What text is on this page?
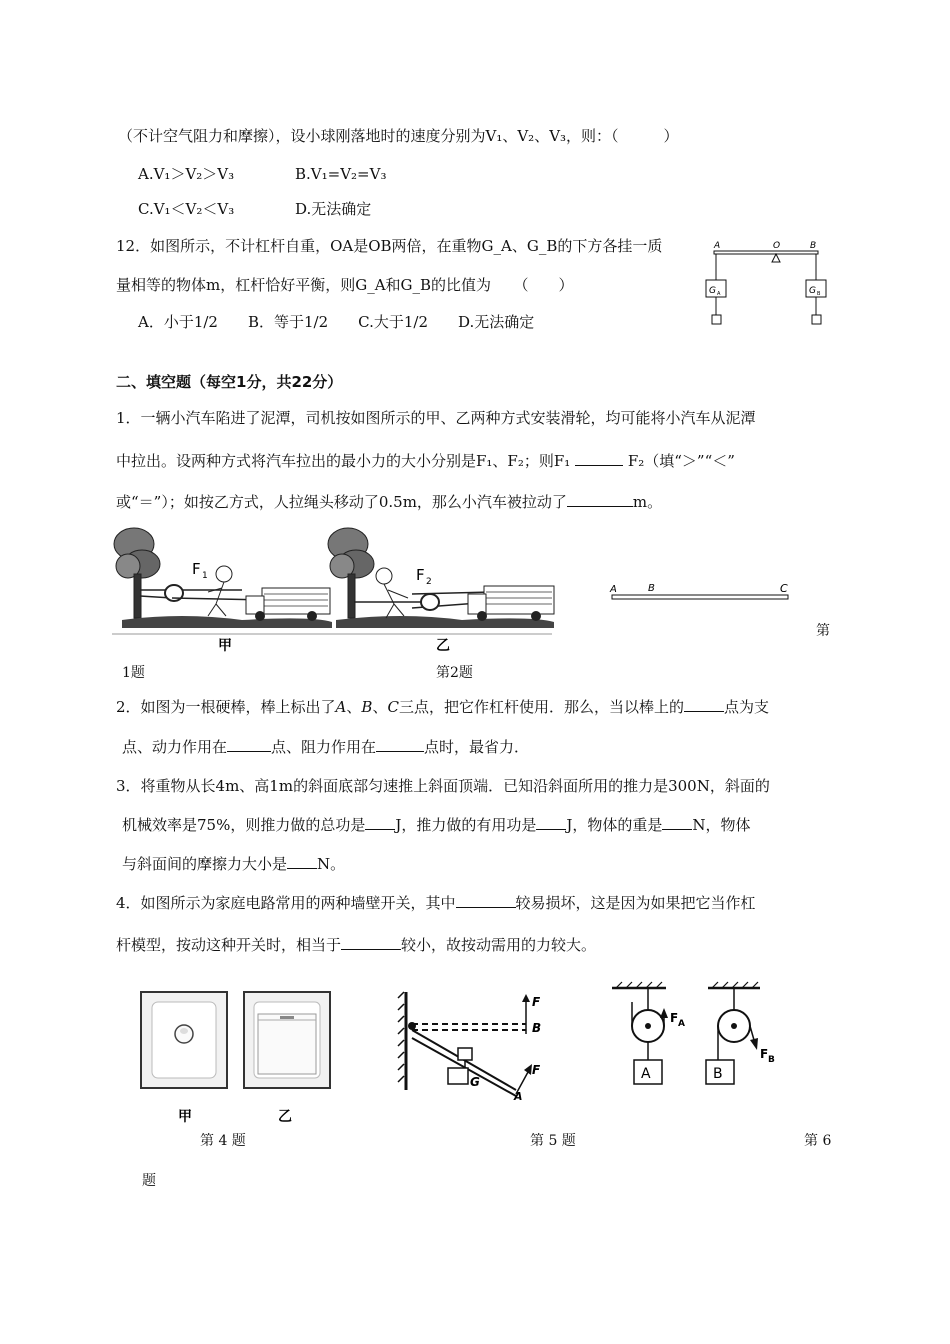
（不计空气阻力和摩擦），设小球刚落地时的速度分别为V₁、V₂、V₃，则：（　　　）
A.V₁＞V₂＞V₃	B.V₁=V₂=V₃
C.V₁＜V₂＜V₃	D.无法确定
12．如图所示，不计杠杆自重，OA是OB两倍，在重物G_A、G_B的下方各挂一质
量相等的物体m，杠杆恰好平衡，则G_A和G_B的比值为　　（　　）
A．小于1/2　　B．等于1/2　　C.大于1/2　　D.无法确定
A	O	B
G A	G B
二、填空题（每空1分，共22分）
1．一辆小汽车陷进了泥潭，司机按如图所示的甲、乙两种方式安装滑轮，均可能将小汽车从泥潭
中拉出。设两种方式将汽车拉出的最小力的大小分别是F₁、F₂；则F₁	F₂（填“＞”“＜”
或“＝”）；如按乙方式，人拉绳头移动了0.5m，那么小汽车被拉动了	m。
F 1
甲
F 2
乙
A	B	C
第
1题	第2题
2．如图为一根硬棒，棒上标出了A、B、C三点，把它作杠杆使用．那么，当以棒上的	点为支
点、动力作用在	点、阻力作用在	点时，最省力．
3．将重物从长4m、高1m的斜面底部匀速推上斜面顶端．已知沿斜面所用的推力是300N，斜面的
机械效率是75%，则推力做的总功是 J，推力做的有用功是 J，物体的重是 N，物体
与斜面间的摩擦力大小是 N。
4．如图所示为家庭电路常用的两种墙壁开关，其中	较易损坏，这是因为如果把它当作杠
杆模型，按动这种开关时，相当于	较小，故按动需用的力较大。
甲	乙
F
B
G
F
A
F A
A
F B
B
第 4 题	第 5 题	第 6
题
